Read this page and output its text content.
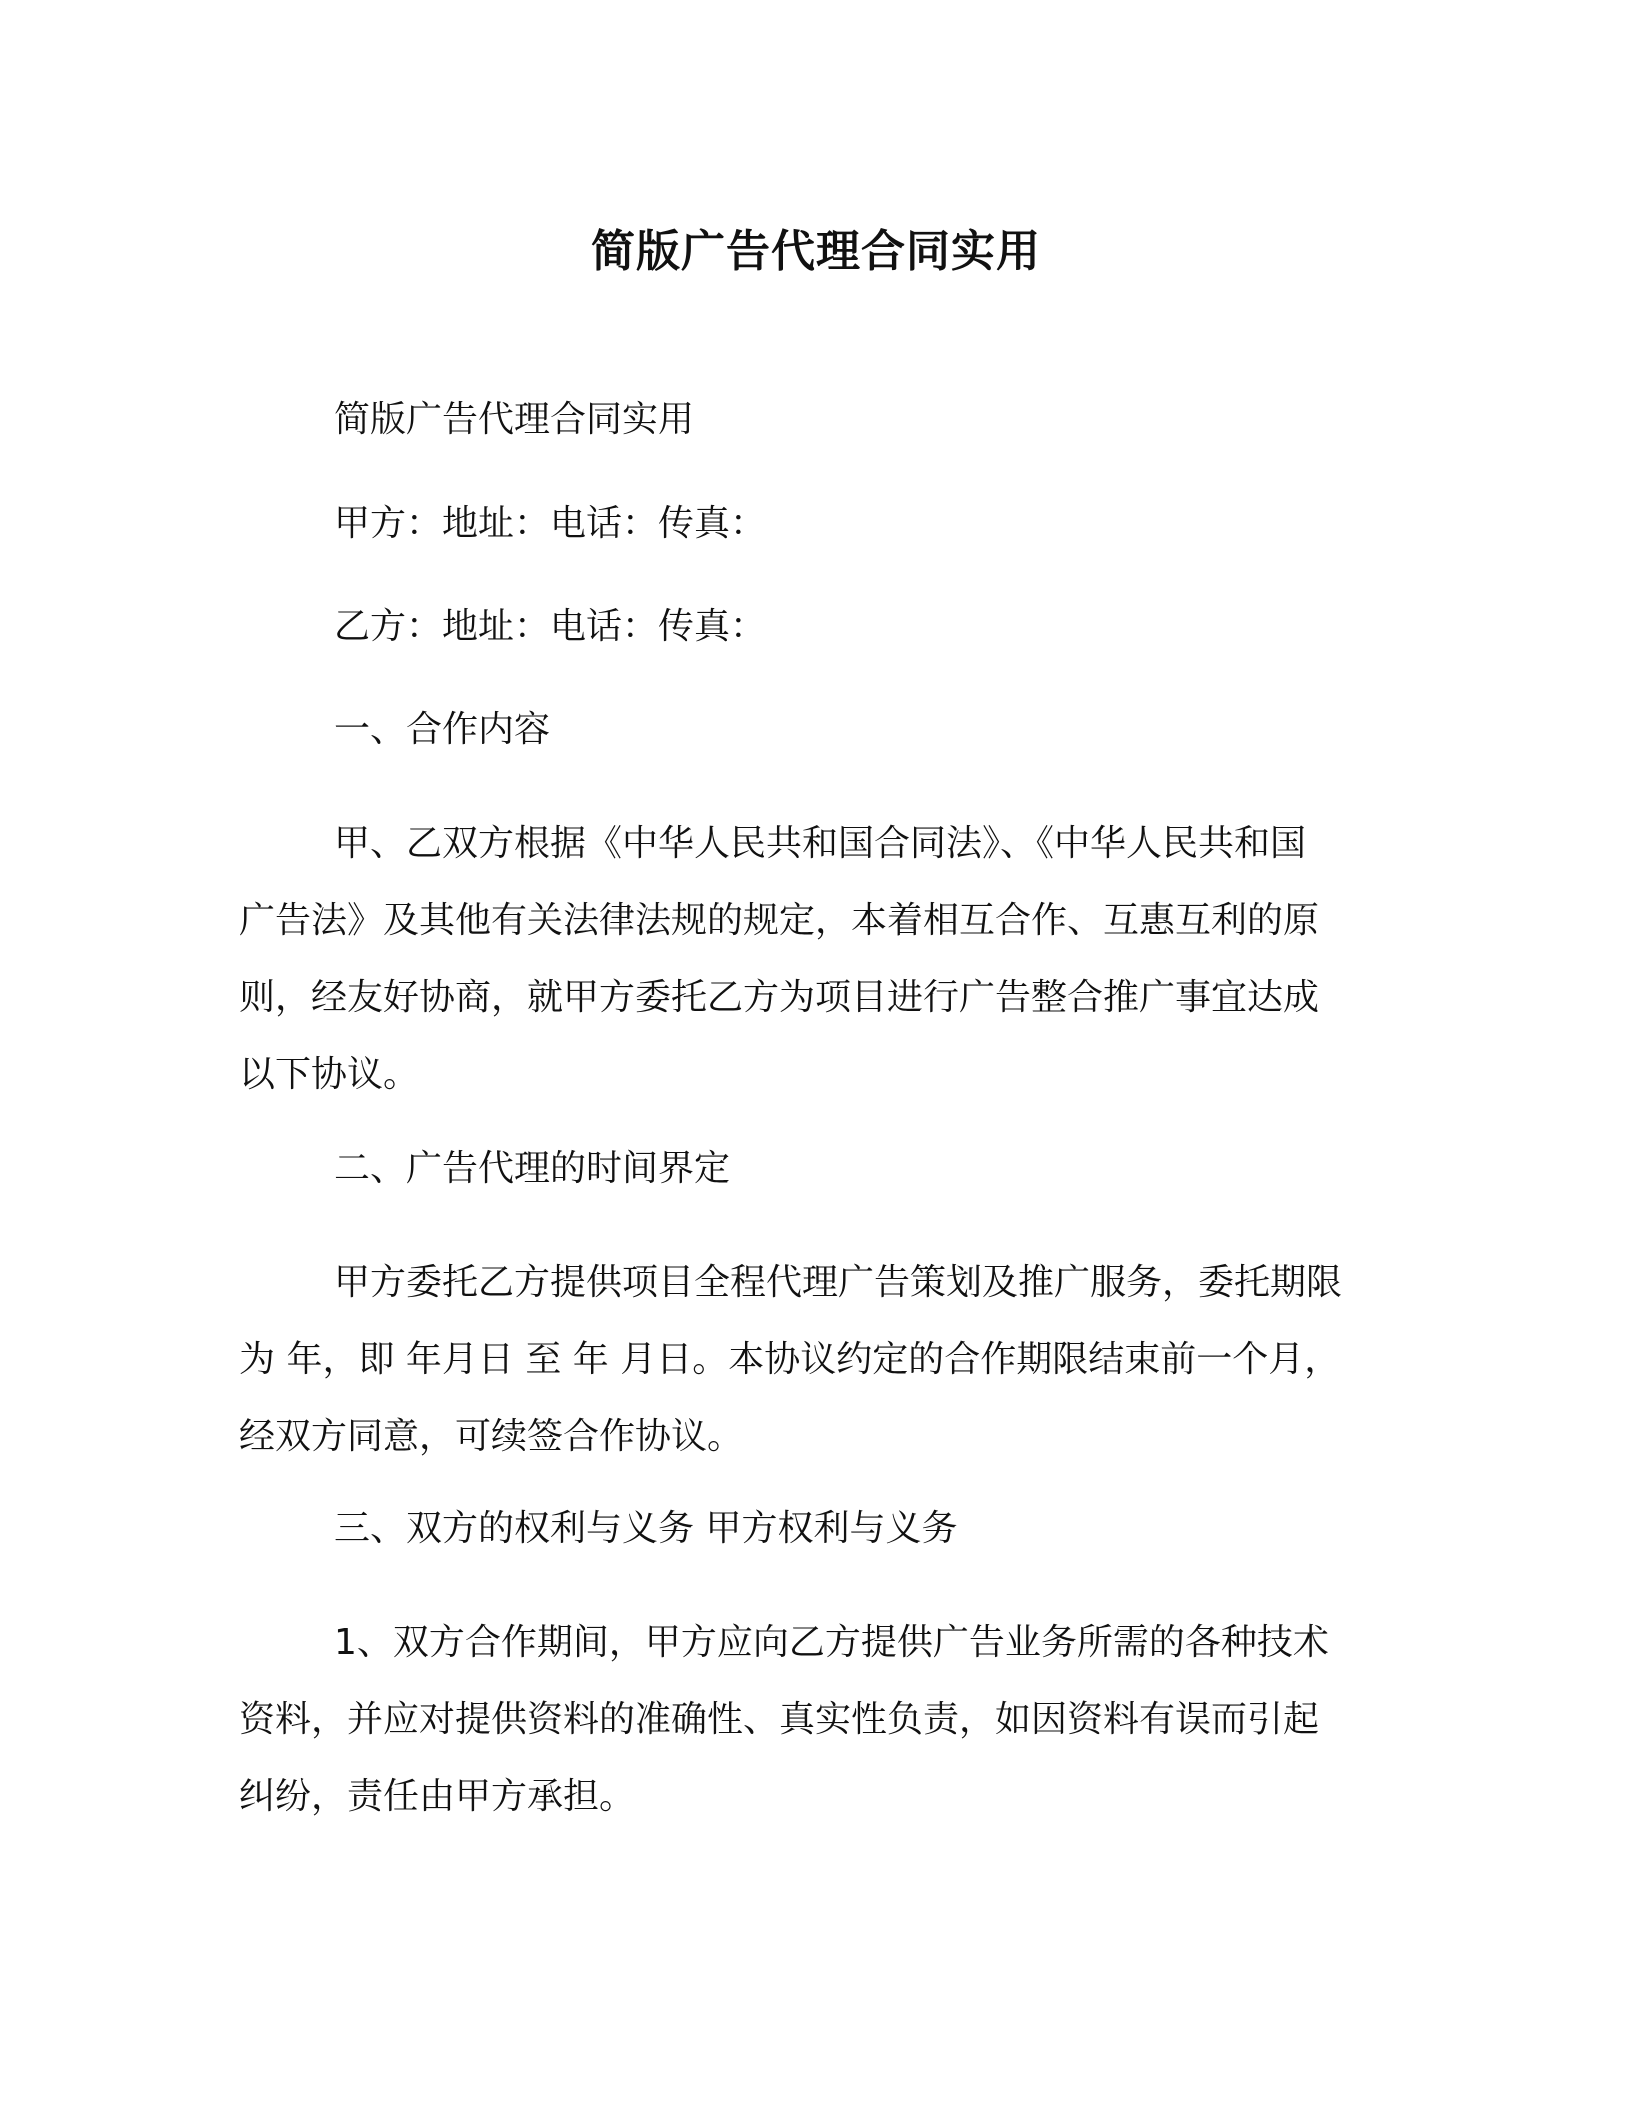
简版广告代理合同实用
简版广告代理合同实用
甲方：地址：电话：传真：
乙方：地址：电话：传真：
一、合作内容
甲、乙双方根据《中华人民共和国合同法》、《中华人民共和国
广告法》及其他有关法律法规的规定，本着相互合作、互惠互利的原
则，经友好协商，就甲方委托乙方为项目进行广告整合推广事宜达成
以下协议。
二、广告代理的时间界定
甲方委托乙方提供项目全程代理广告策划及推广服务，委托期限
为 年，即 年月日 至 年 月日。本协议约定的合作期限结束前一个月，
经双方同意，可续签合作协议。
三、双方的权利与义务 甲方权利与义务
1、双方合作期间，甲方应向乙方提供广告业务所需的各种技术
资料，并应对提供资料的准确性、真实性负责，如因资料有误而引起
纠纷，责任由甲方承担。
